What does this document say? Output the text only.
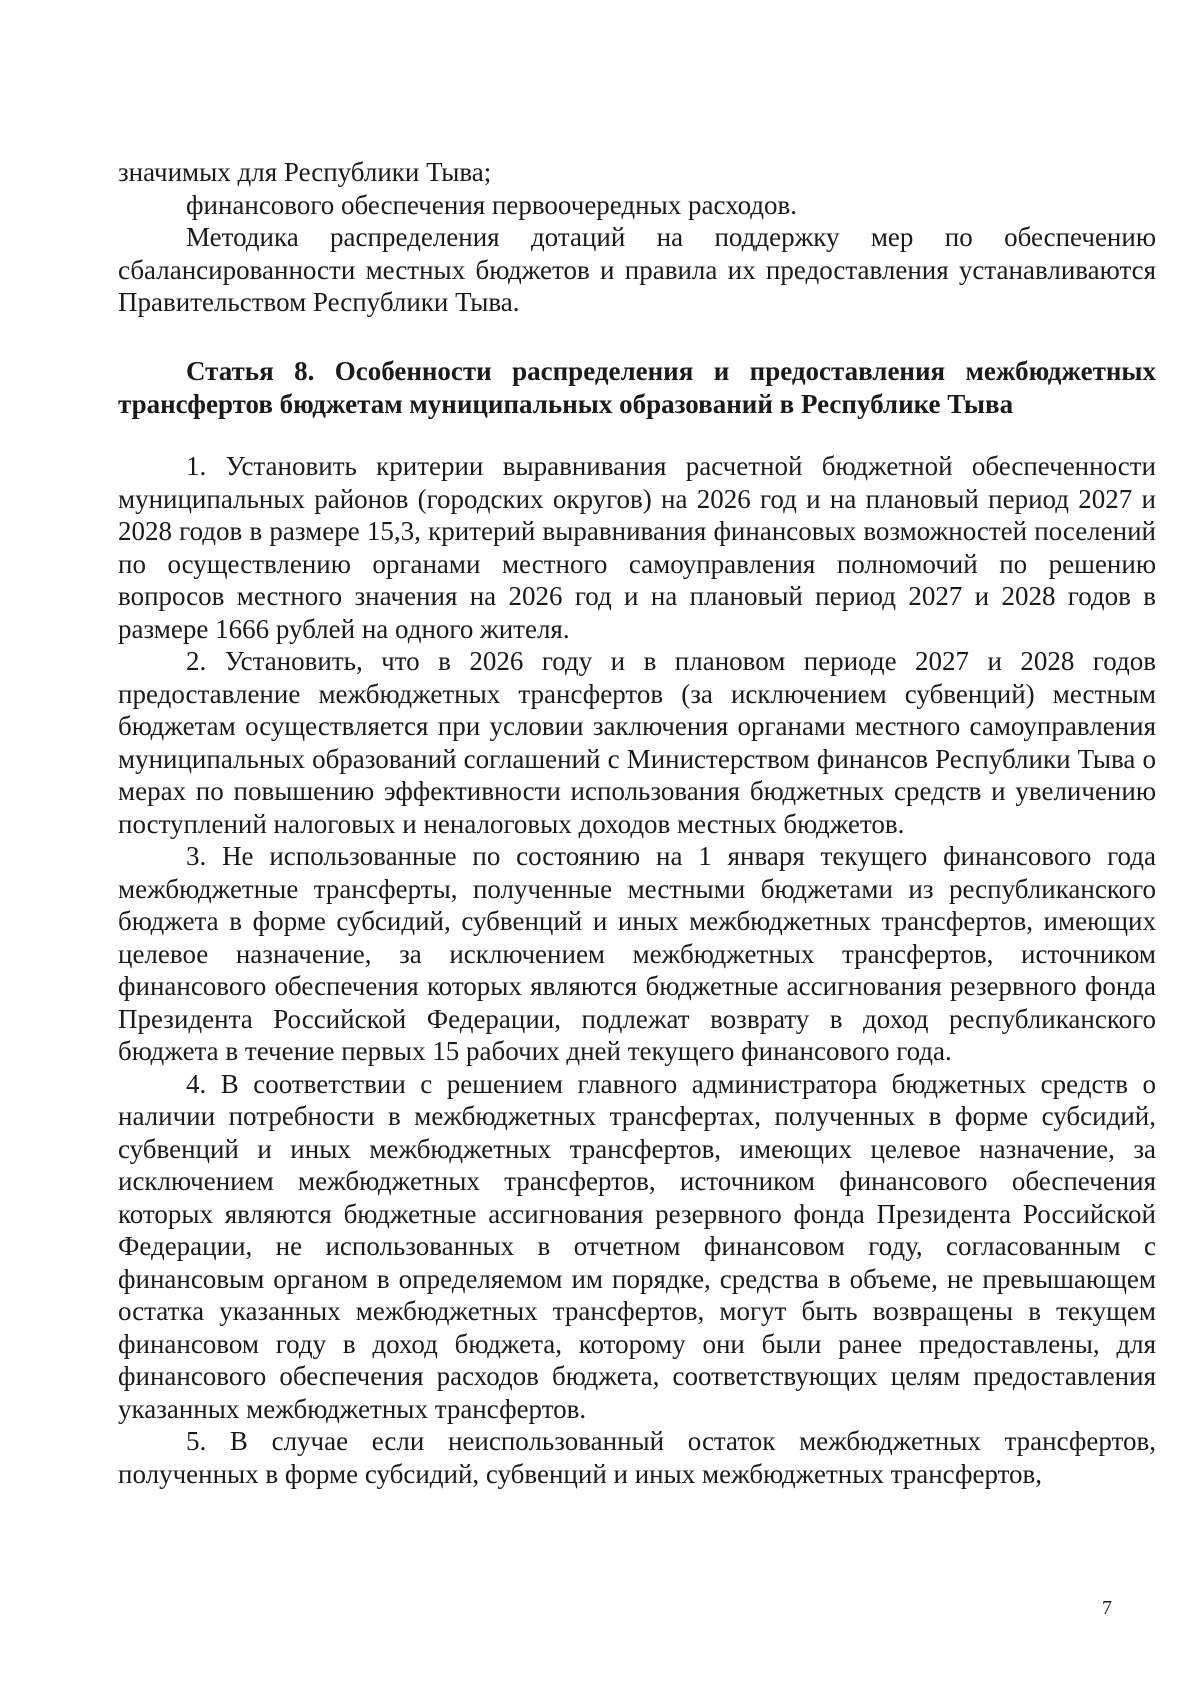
значимых для Республики Тыва;

финансового обеспечения первоочередных расходов.

Методика распределения дотаций на поддержку мер по обеспечению сбалансированности местных бюджетов и правила их предоставления устанавливаются Правительством Республики Тыва.

Статья 8. Особенности распределения и предоставления межбюджетных трансфертов бюджетам муниципальных образований в Республике Тыва

1. Установить критерии выравнивания расчетной бюджетной обеспеченности муниципальных районов (городских округов) на 2026 год и на плановый период 2027 и 2028 годов в размере 15,3, критерий выравнивания финансовых возможностей поселений по осуществлению органами местного самоуправления полномочий по решению вопросов местного значения на 2026 год и на плановый период 2027 и 2028 годов в размере 1666 рублей на одного жителя.

2. Установить, что в 2026 году и в плановом периоде 2027 и 2028 годов предоставление межбюджетных трансфертов (за исключением субвенций) местным бюджетам осуществляется при условии заключения органами местного самоуправления муниципальных образований соглашений с Министерством финансов Республики Тыва о мерах по повышению эффективности использования бюджетных средств и увеличению поступлений налоговых и неналоговых доходов местных бюджетов.

3. Не использованные по состоянию на 1 января текущего финансового года межбюджетные трансферты, полученные местными бюджетами из республиканского бюджета в форме субсидий, субвенций и иных межбюджетных трансфертов, имеющих целевое назначение, за исключением межбюджетных трансфертов, источником финансового обеспечения которых являются бюджетные ассигнования резервного фонда Президента Российской Федерации, подлежат возврату в доход республиканского бюджета в течение первых 15 рабочих дней текущего финансового года.

4. В соответствии с решением главного администратора бюджетных средств о наличии потребности в межбюджетных трансфертах, полученных в форме субсидий, субвенций и иных межбюджетных трансфертов, имеющих целевое назначение, за исключением межбюджетных трансфертов, источником финансового обеспечения которых являются бюджетные ассигнования резервного фонда Президента Российской Федерации, не использованных в отчетном финансовом году, согласованным с финансовым органом в определяемом им порядке, средства в объеме, не превышающем остатка указанных межбюджетных трансфертов, могут быть возвращены в текущем финансовом году в доход бюджета, которому они были ранее предоставлены, для финансового обеспечения расходов бюджета, соответствующих целям предоставления указанных межбюджетных трансфертов.

5. В случае если неиспользованный остаток межбюджетных трансфертов, полученных в форме субсидий, субвенций и иных межбюджетных трансфертов,

7
